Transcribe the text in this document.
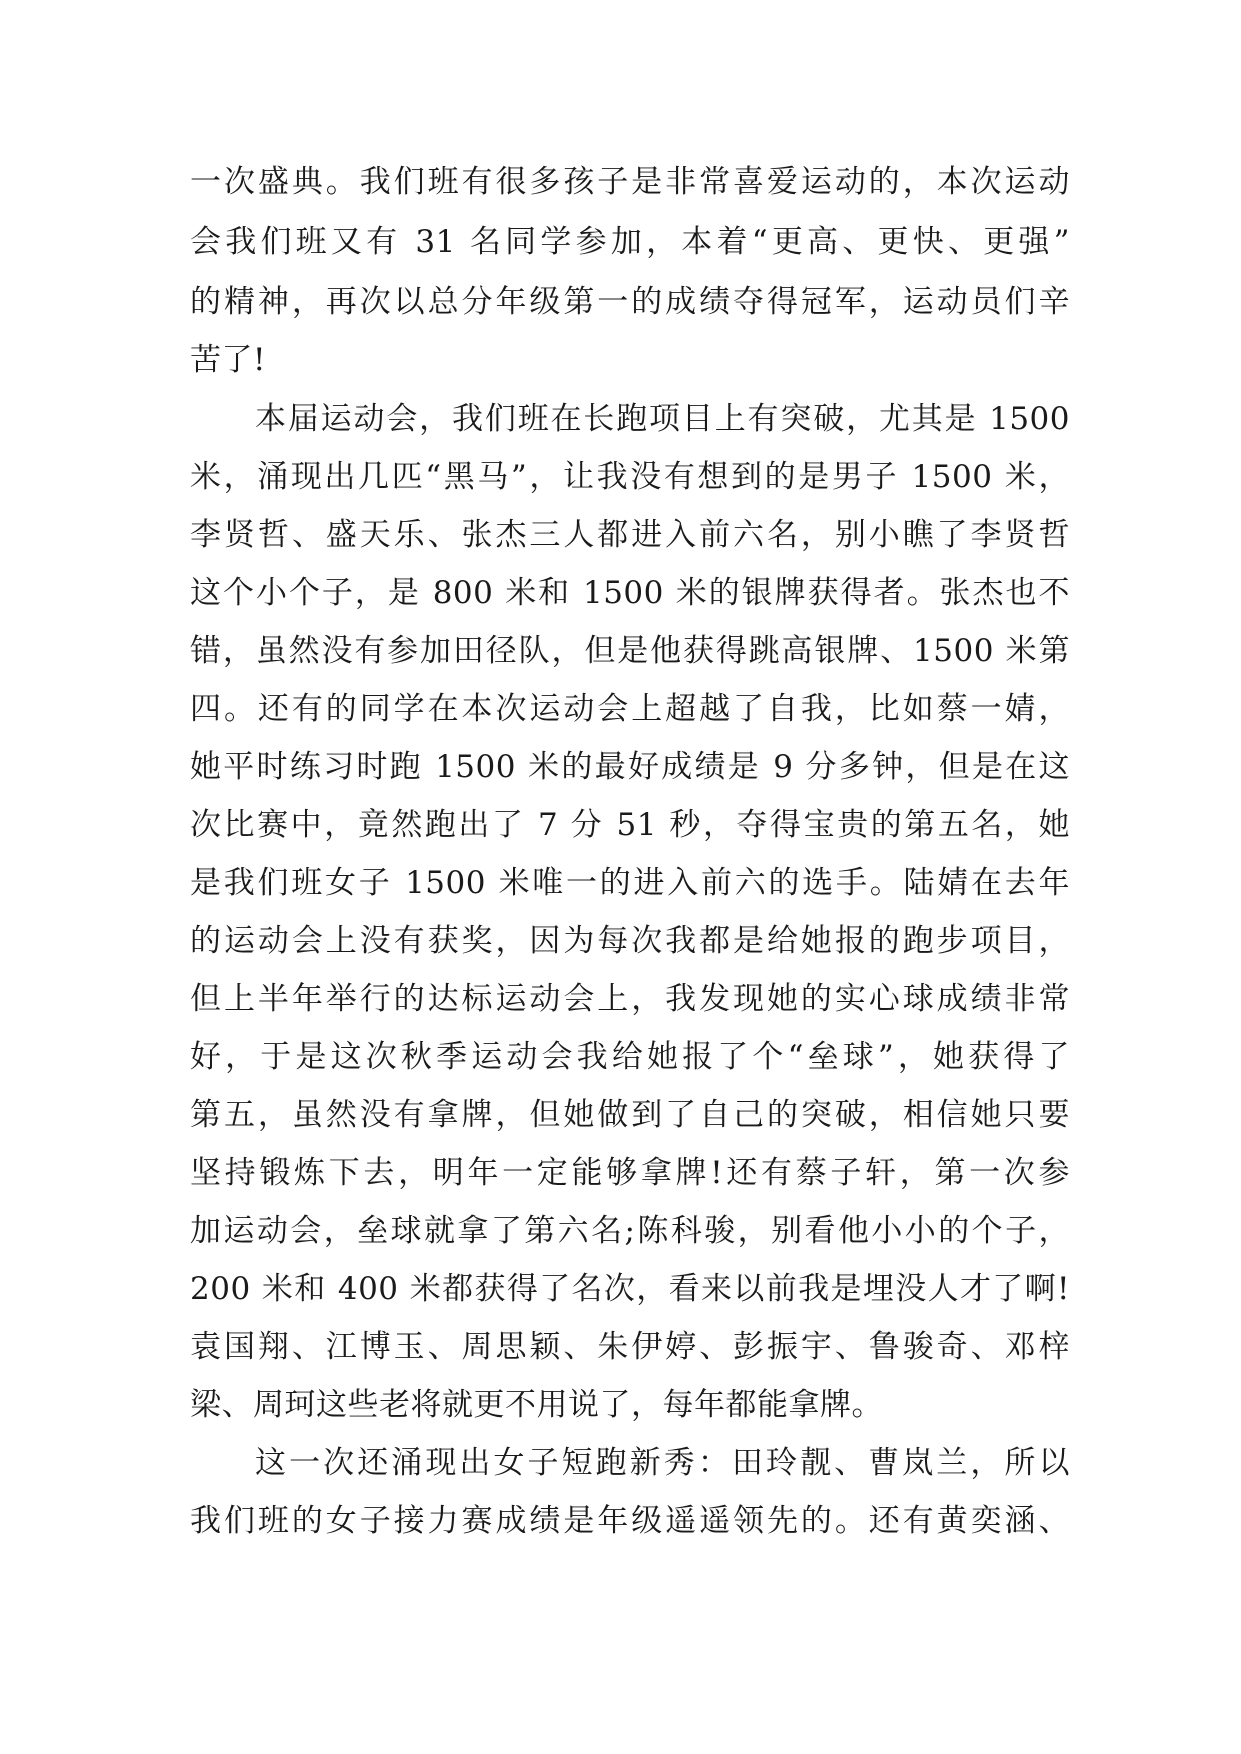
一次盛典。我们班有很多孩子是非常喜爱运动的，本次运动
会我们班又有 31 名同学参加，本着“更高、更快、更强”
的精神，再次以总分年级第一的成绩夺得冠军，运动员们辛
苦了!
本届运动会，我们班在长跑项目上有突破，尤其是 1500
米，涌现出几匹“黑马”，让我没有想到的是男子 1500 米，
李贤哲、盛天乐、张杰三人都进入前六名，别小瞧了李贤哲
这个小个子，是 800 米和 1500 米的银牌获得者。张杰也不
错，虽然没有参加田径队，但是他获得跳高银牌、1500 米第
四。还有的同学在本次运动会上超越了自我，比如蔡一婧，
她平时练习时跑 1500 米的最好成绩是 9 分多钟，但是在这
次比赛中，竟然跑出了 7 分 51 秒，夺得宝贵的第五名，她
是我们班女子 1500 米唯一的进入前六的选手。陆婧在去年
的运动会上没有获奖，因为每次我都是给她报的跑步项目，
但上半年举行的达标运动会上，我发现她的实心球成绩非常
好，于是这次秋季运动会我给她报了个“垒球”，她获得了
第五，虽然没有拿牌，但她做到了自己的突破，相信她只要
坚持锻炼下去，明年一定能够拿牌!还有蔡子轩，第一次参
加运动会，垒球就拿了第六名;陈科骏，别看他小小的个子，
200 米和 400 米都获得了名次，看来以前我是埋没人才了啊!
袁国翔、江博玉、周思颖、朱伊婷、彭振宇、鲁骏奇、邓梓
梁、周珂这些老将就更不用说了，每年都能拿牌。
这一次还涌现出女子短跑新秀：田玲靓、曹岚兰，所以
我们班的女子接力赛成绩是年级遥遥领先的。还有黄奕涵、
